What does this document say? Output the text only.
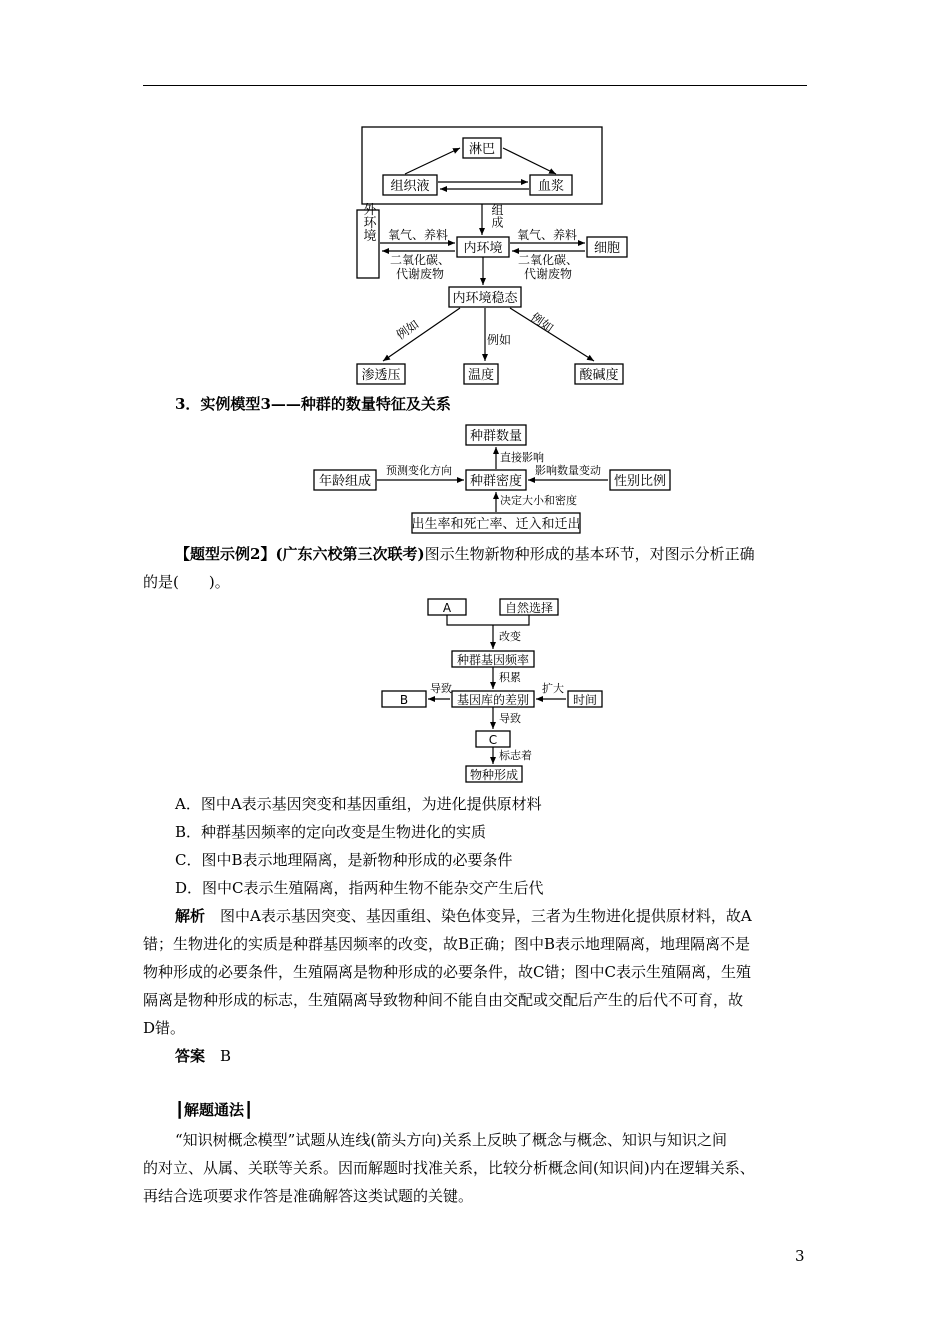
淋巴
组织液	血浆
组成
外环境
内环境	细胞
氧气、养料
二氧化碳、
代谢废物
氧气、养料
二氧化碳、
代谢废物
内环境稳态
例如	例如
例如
渗透压	温度	酸碱度
种群数量
直接影响
年龄组成	种群密度	性别比例
预测变化方向	影响数量变动
决定大小和密度
出生率和死亡率、迁入和迁出
A	自然选择
改变
种群基因频率
积累
B	基因库的差别	时间
导致	扩大
导致
C
标志着
物种形成
3．实例模型3——种群的数量特征及关系
【题型示例2】(广东六校第三次联考)图示生物新物种形成的基本环节，对图示分析正确
的是(　　)。
A．图中A表示基因突变和基因重组，为进化提供原材料
B．种群基因频率的定向改变是生物进化的实质
C．图中B表示地理隔离，是新物种形成的必要条件
D．图中C表示生殖隔离，指两种生物不能杂交产生后代
解析　 图中A表示基因突变、基因重组、染色体变异，三者为生物进化提供原材料，故A
错；生物进化的实质是种群基因频率的改变，故B正确；图中B表示地理隔离，地理隔离不是
物种形成的必要条件，生殖隔离是物种形成的必要条件，故C错；图中C表示生殖隔离，生殖
隔离是物种形成的标志，生殖隔离导致物种间不能自由交配或交配后产生的后代不可育，故
D错。
答案　 B
┃解题通法┃
“知识树概念模型”试题从连线(箭头方向)关系上反映了概念与概念、知识与知识之间
的对立、从属、关联等关系。因而解题时找准关系，比较分析概念间(知识间)内在逻辑关系、
再结合选项要求作答是准确解答这类试题的关键。
3
